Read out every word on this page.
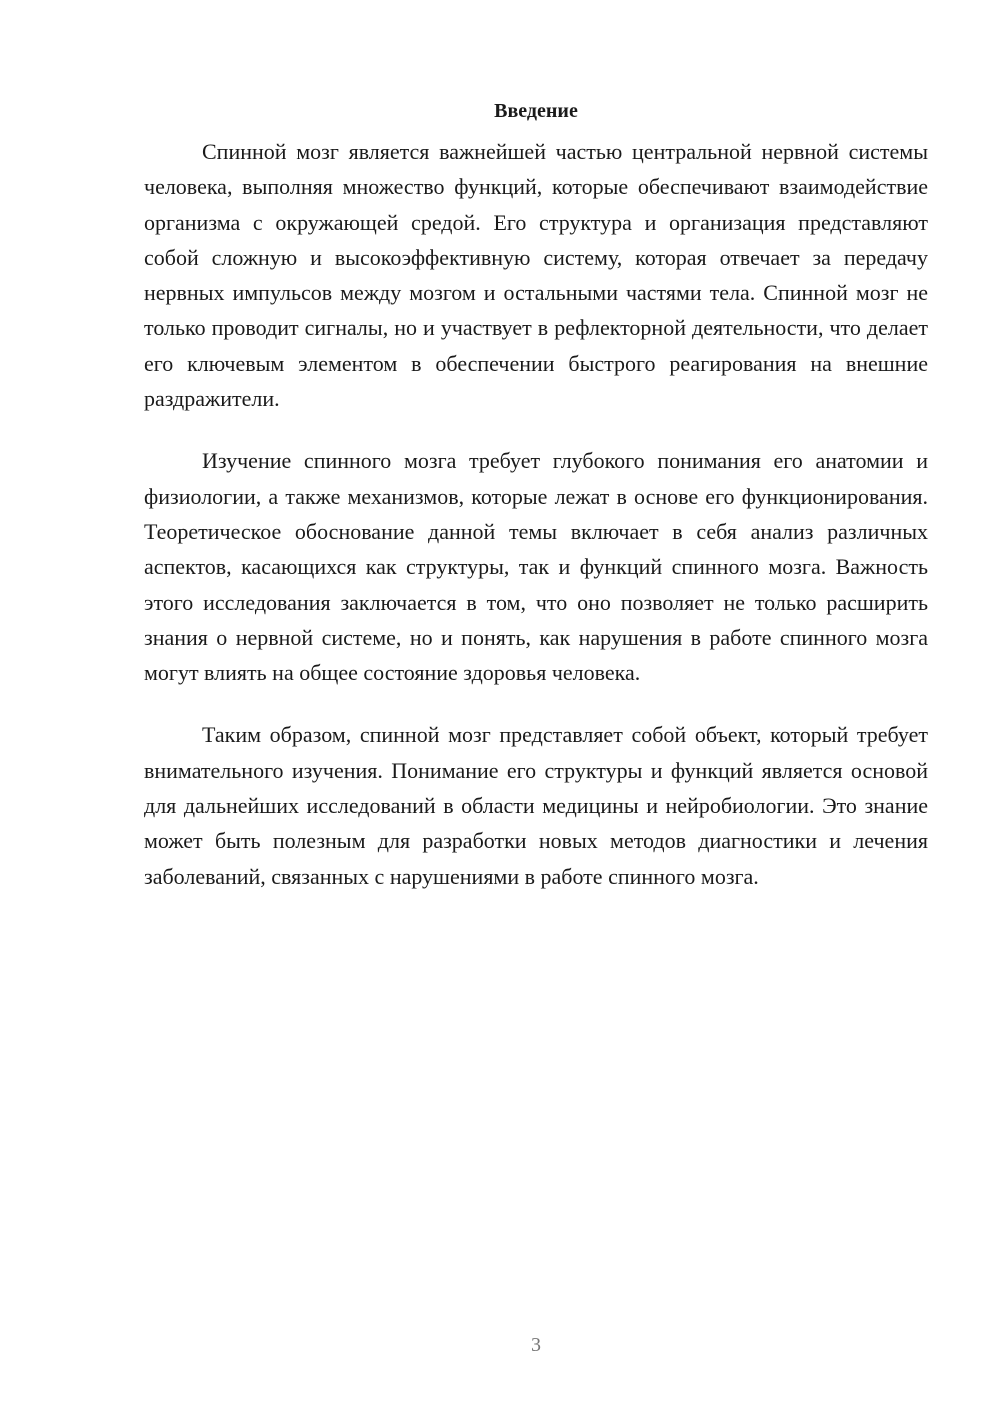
Введение

Спинной мозг является важнейшей частью центральной нервной системы человека, выполняя множество функций, которые обеспечивают взаимодействие организма с окружающей средой. Его структура и организация представляют собой сложную и высокоэффективную систему, которая отвечает за передачу нервных импульсов между мозгом и остальными частями тела. Спинной мозг не только проводит сигналы, но и участвует в рефлекторной деятельности, что делает его ключевым элементом в обеспечении быстрого реагирования на внешние раздражители.

Изучение спинного мозга требует глубокого понимания его анатомии и физиологии, а также механизмов, которые лежат в основе его функционирования. Теоретическое обоснование данной темы включает в себя анализ различных аспектов, касающихся как структуры, так и функций спинного мозга. Важность этого исследования заключается в том, что оно позволяет не только расширить знания о нервной системе, но и понять, как нарушения в работе спинного мозга могут влиять на общее состояние здоровья человека.

Таким образом, спинной мозг представляет собой объект, который требует внимательного изучения. Понимание его структуры и функций является основой для дальнейших исследований в области медицины и нейробиологии. Это знание может быть полезным для разработки новых методов диагностики и лечения заболеваний, связанных с нарушениями в работе спинного мозга.

3
